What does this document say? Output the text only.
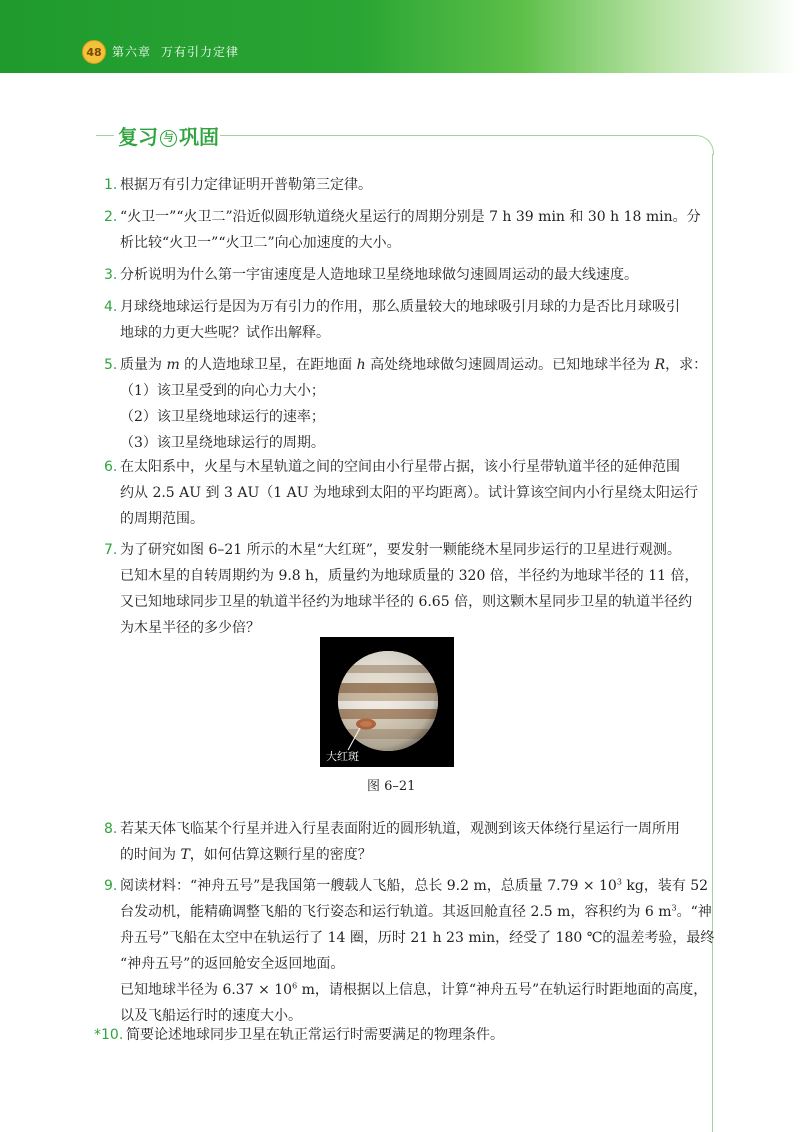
48 第六章 万有引力定律
复习 与 巩固
1. 根据万有引力定律证明开普勒第三定律。
2. “火卫一”“火卫二”沿近似圆形轨道绕火星运行的周期分别是 7 h 39 min 和 30 h 18 min。分
析比较“火卫一”“火卫二”向心加速度的大小。
3. 分析说明为什么第一宇宙速度是人造地球卫星绕地球做匀速圆周运动的最大线速度。
4. 月球绕地球运行是因为万有引力的作用，那么质量较大的地球吸引月球的力是否比月球吸引
地球的力更大些呢？试作出解释。
5. 质量为 m 的人造地球卫星，在距地面 h 高处绕地球做匀速圆周运动。已知地球半径为 R，求：
（1）该卫星受到的向心力大小；
（2）该卫星绕地球运行的速率；
（3）该卫星绕地球运行的周期。
6. 在太阳系中，火星与木星轨道之间的空间由小行星带占据，该小行星带轨道半径的延伸范围
约从 2.5 AU 到 3 AU（1 AU 为地球到太阳的平均距离）。试计算该空间内小行星绕太阳运行
的周期范围。
7. 为了研究如图 6–21 所示的木星“大红斑”，要发射一颗能绕木星同步运行的卫星进行观测。
已知木星的自转周期约为 9.8 h，质量约为地球质量的 320 倍，半径约为地球半径的 11 倍，
又已知地球同步卫星的轨道半径约为地球半径的 6.65 倍，则这颗木星同步卫星的轨道半径约
为木星半径的多少倍？
大红斑
图 6–21
8. 若某天体飞临某个行星并进入行星表面附近的圆形轨道，观测到该天体绕行星运行一周所用
的时间为 T，如何估算这颗行星的密度？
9. 阅读材料：“神舟五号”是我国第一艘载人飞船，总长 9.2 m，总质量 $7.79 \times 10^3$ kg，装有 52
台发动机，能精确调整飞船的飞行姿态和运行轨道。其返回舱直径 2.5 m，容积约为 6 $m^3$。“神
舟五号”飞船在太空中在轨运行了 14 圈，历时 21 h 23 min，经受了 180 ℃的温差考验，最终
“神舟五号”的返回舱安全返回地面。
已知地球半径为 $6.37 \times 10^6$ m，请根据以上信息，计算“神舟五号”在轨运行时距地面的高度，
以及飞船运行时的速度大小。
*10. 简要论述地球同步卫星在轨正常运行时需要满足的物理条件。
